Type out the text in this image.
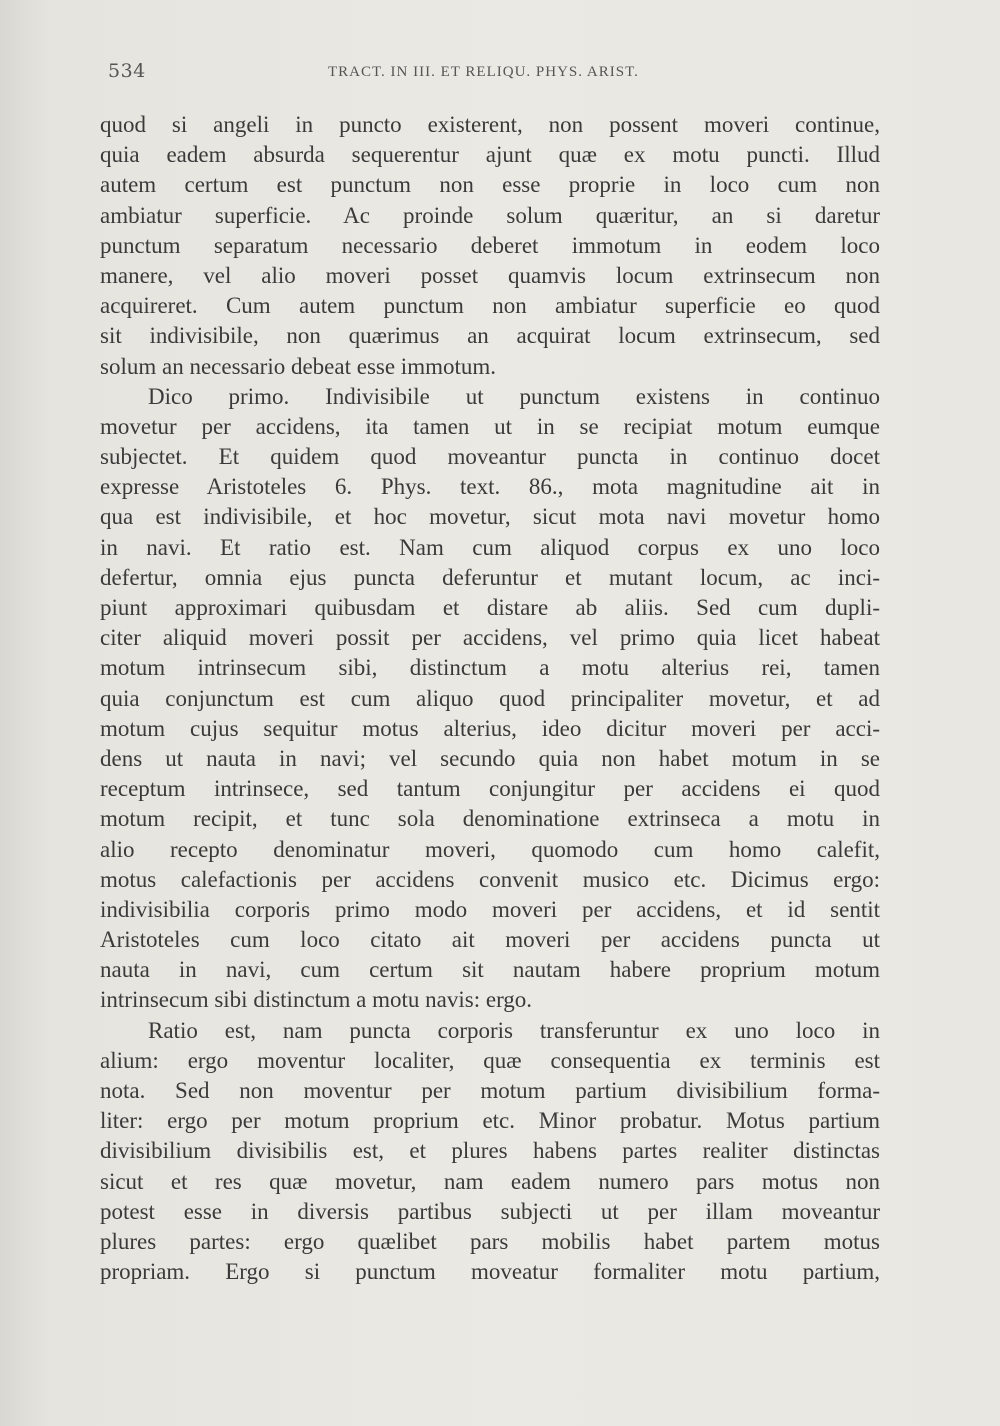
534	TRACT. IN III. ET RELIQU. PHYS. ARIST.
quod si angeli in puncto existerent, non possent moveri continue,
quia eadem absurda sequerentur ajunt quæ ex motu puncti. Illud
autem certum est punctum non esse proprie in loco cum non
ambiatur superficie. Ac proinde solum quæritur, an si daretur
punctum separatum necessario deberet immotum in eodem loco
manere, vel alio moveri posset quamvis locum extrinsecum non
acquireret. Cum autem punctum non ambiatur superficie eo quod
sit indivisibile, non quærimus an acquirat locum extrinsecum, sed
solum an necessario debeat esse immotum.
Dico primo. Indivisibile ut punctum existens in continuo
movetur per accidens, ita tamen ut in se recipiat motum eumque
subjectet. Et quidem quod moveantur puncta in continuo docet
expresse Aristoteles 6. Phys. text. 86., mota magnitudine ait in
qua est indivisibile, et hoc movetur, sicut mota navi movetur homo
in navi. Et ratio est. Nam cum aliquod corpus ex uno loco
defertur, omnia ejus puncta deferuntur et mutant locum, ac inci-
piunt approximari quibusdam et distare ab aliis. Sed cum dupli-
citer aliquid moveri possit per accidens, vel primo quia licet habeat
motum intrinsecum sibi, distinctum a motu alterius rei, tamen
quia conjunctum est cum aliquo quod principaliter movetur, et ad
motum cujus sequitur motus alterius, ideo dicitur moveri per acci-
dens ut nauta in navi; vel secundo quia non habet motum in se
receptum intrinsece, sed tantum conjungitur per accidens ei quod
motum recipit, et tunc sola denominatione extrinseca a motu in
alio recepto denominatur moveri, quomodo cum homo calefit,
motus calefactionis per accidens convenit musico etc. Dicimus ergo:
indivisibilia corporis primo modo moveri per accidens, et id sentit
Aristoteles cum loco citato ait moveri per accidens puncta ut
nauta in navi, cum certum sit nautam habere proprium motum
intrinsecum sibi distinctum a motu navis: ergo.
Ratio est, nam puncta corporis transferuntur ex uno loco in
alium: ergo moventur localiter, quæ consequentia ex terminis est
nota. Sed non moventur per motum partium divisibilium forma-
liter: ergo per motum proprium etc. Minor probatur. Motus partium
divisibilium divisibilis est, et plures habens partes realiter distinctas
sicut et res quæ movetur, nam eadem numero pars motus non
potest esse in diversis partibus subjecti ut per illam moveantur
plures partes: ergo quælibet pars mobilis habet partem motus
propriam. Ergo si punctum moveatur formaliter motu partium,
